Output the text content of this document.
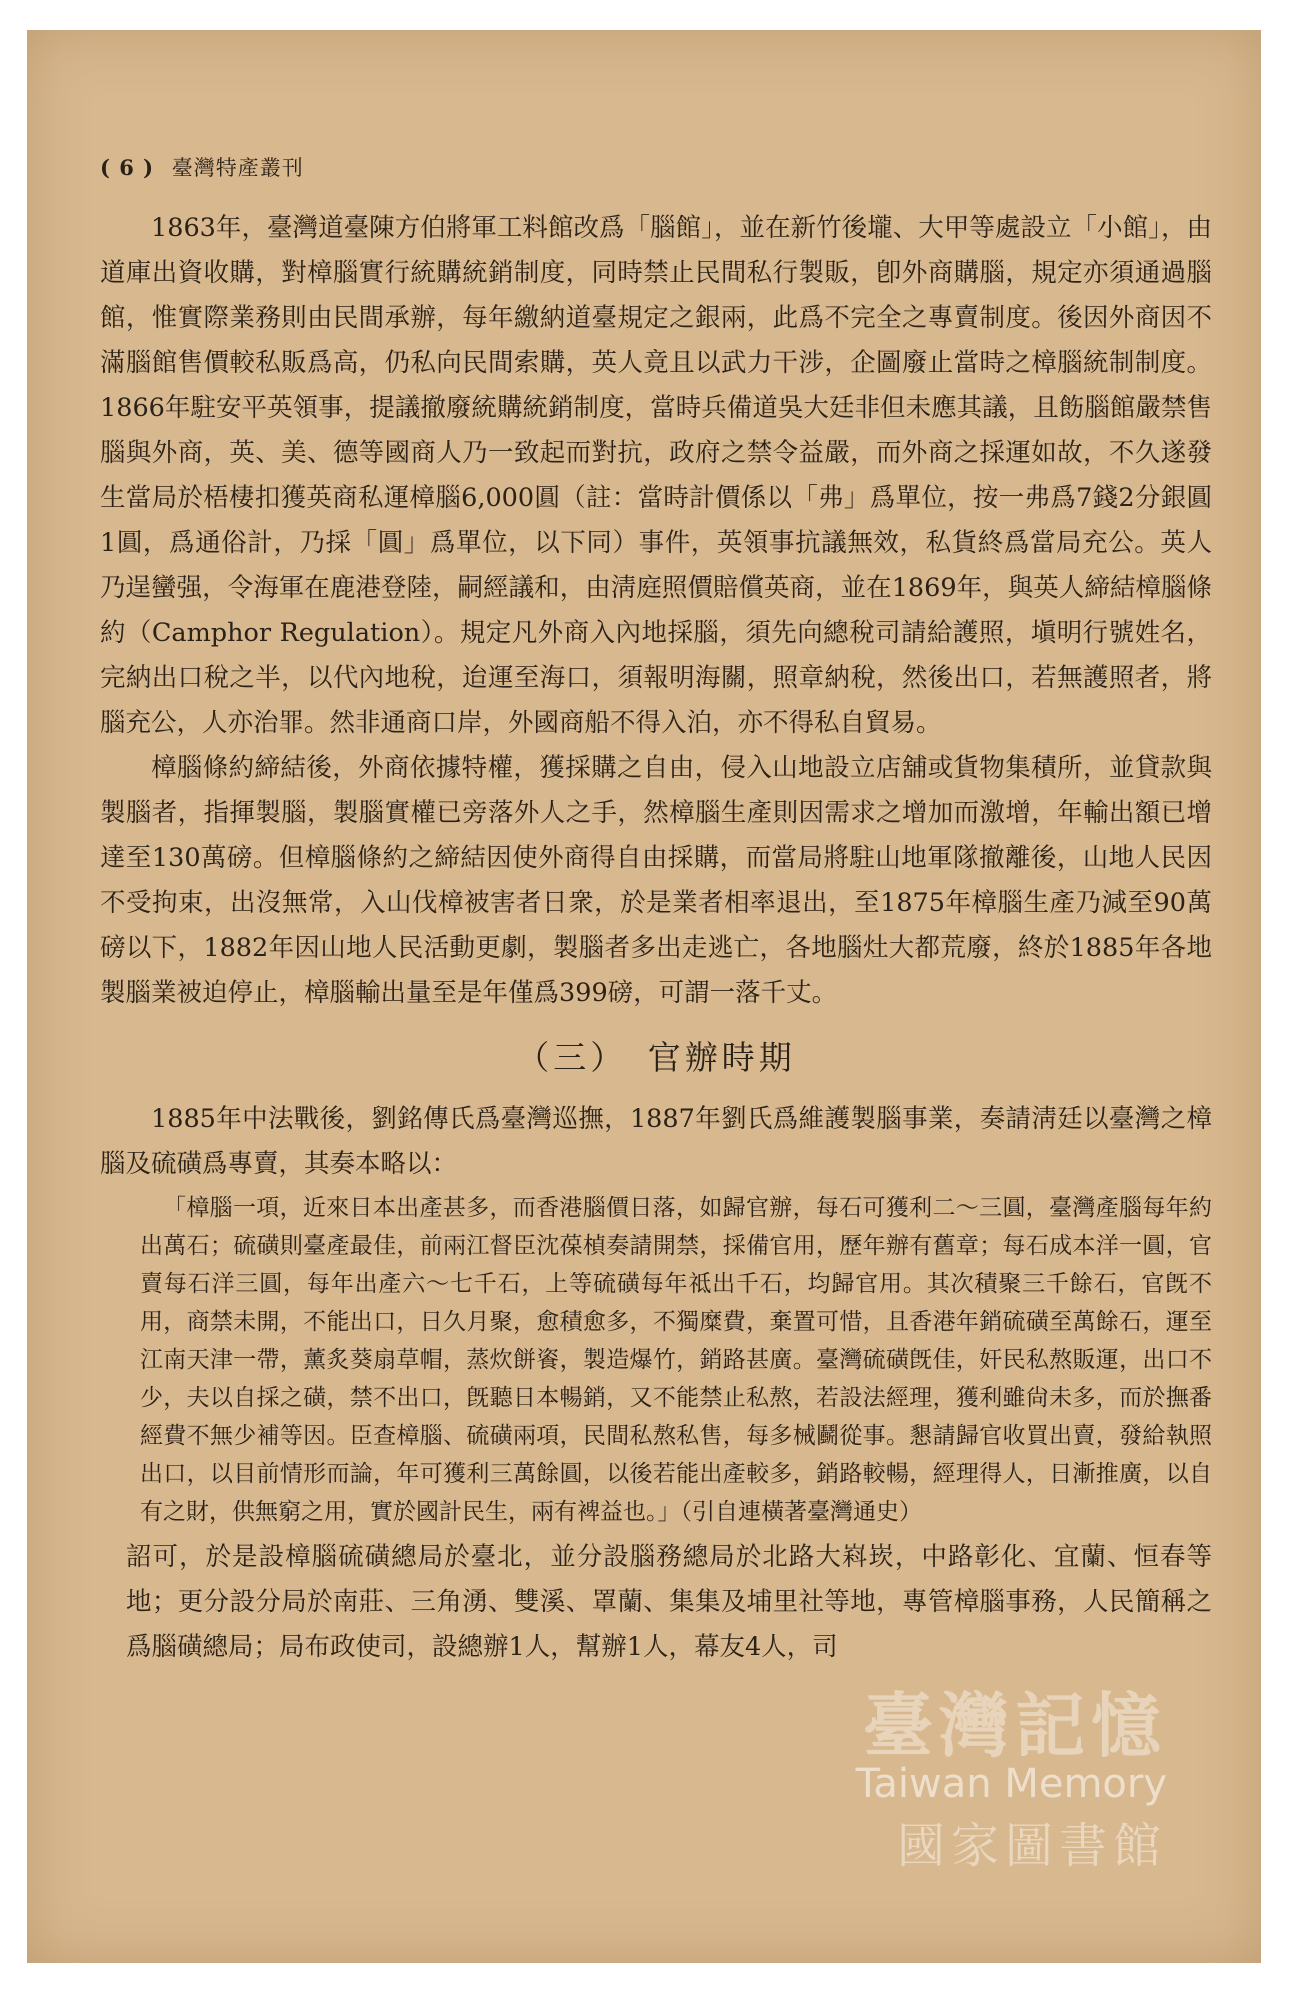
( 6 ) 臺灣特產叢刊

1863年，臺灣道臺陳方伯將軍工料館改爲「腦館」，並在新竹後壠、大甲等處設立「小館」，由道庫出資收購，對樟腦實行統購統銷制度，同時禁止民間私行製販，卽外商購腦，規定亦須通過腦館，惟實際業務則由民間承辦，每年繳納道臺規定之銀兩，此爲不完全之專賣制度。後因外商因不滿腦館售價較私販爲高，仍私向民間索購，英人竟且以武力干涉，企圖廢止當時之樟腦統制制度。1866年駐安平英領事，提議撤廢統購統銷制度，當時兵備道吳大廷非但未應其議，且飭腦館嚴禁售腦與外商，英、美、德等國商人乃一致起而對抗，政府之禁令益嚴，而外商之採運如故，不久遂發生當局於梧棲扣獲英商私運樟腦6,000圓（註：當時計價係以「弗」爲單位，按一弗爲7錢2分銀圓1圓，爲通俗計，乃採「圓」爲單位，以下同）事件，英領事抗議無效，私貨終爲當局充公。英人乃逞蠻强，令海軍在鹿港登陸，嗣經議和，由淸庭照價賠償英商，並在1869年，與英人締結樟腦條約（Camphor Regulation）。規定凡外商入內地採腦，須先向總稅司請給護照，塡明行號姓名，完納出口稅之半，以代內地稅，迨運至海口，須報明海關，照章納稅，然後出口，若無護照者，將腦充公，人亦治罪。然非通商口岸，外國商船不得入泊，亦不得私自貿易。

樟腦條約締結後，外商依據特權，獲採購之自由，侵入山地設立店舖或貨物集積所，並貸款與製腦者，指揮製腦，製腦實權已旁落外人之手，然樟腦生產則因需求之增加而激增，年輸出額已增達至130萬磅。但樟腦條約之締結因使外商得自由採購，而當局將駐山地軍隊撤離後，山地人民因不受拘束，出沒無常，入山伐樟被害者日衆，於是業者相率退出，至1875年樟腦生產乃減至90萬磅以下，1882年因山地人民活動更劇，製腦者多出走逃亡，各地腦灶大都荒廢，終於1885年各地製腦業被迫停止，樟腦輸出量至是年僅爲399磅，可謂一落千丈。

（三）　官辦時期

1885年中法戰後，劉銘傳氏爲臺灣巡撫，1887年劉氏爲維護製腦事業，奏請淸廷以臺灣之樟腦及硫磺爲專賣，其奏本略以：

「樟腦一項，近來日本出產甚多，而香港腦價日落，如歸官辦，每石可獲利二～三圓，臺灣產腦每年約出萬石；硫磺則臺產最佳，前兩江督臣沈葆楨奏請開禁，採備官用，歷年辦有舊章；每石成本洋一圓，官賣每石洋三圓，每年出產六～七千石，上等硫磺每年祗出千石，均歸官用。其次積聚三千餘石，官旣不用，商禁未開，不能出口，日久月聚，愈積愈多，不獨糜費，棄置可惜，且香港年銷硫磺至萬餘石，運至江南天津一帶，薰炙葵扇草帽，蒸炊餅餈，製造爆竹，銷路甚廣。臺灣硫磺旣佳，奸民私熬販運，出口不少，夫以自採之磺，禁不出口，旣聽日本暢銷，又不能禁止私熬，若設法經理，獲利雖尙未多，而於撫番經費不無少補等因。臣查樟腦、硫磺兩項，民間私熬私售，每多械鬬從事。懇請歸官收買出賣，發給執照出口，以目前情形而論，年可獲利三萬餘圓，以後若能出產較多，銷路較暢，經理得人，日漸推廣，以自有之財，供無窮之用，實於國計民生，兩有裨益也。」（引自連橫著臺灣通史）

詔可，於是設樟腦硫磺總局於臺北，並分設腦務總局於北路大嵙崁，中路彰化、宜蘭、恒春等地；更分設分局於南莊、三角湧、雙溪、罩蘭、集集及埔里社等地，專管樟腦事務，人民簡稱之爲腦磺總局；局布政使司，設總辦1人，幫辦1人，幕友4人，司

臺灣記憶
Taiwan Memory
國家圖書館
